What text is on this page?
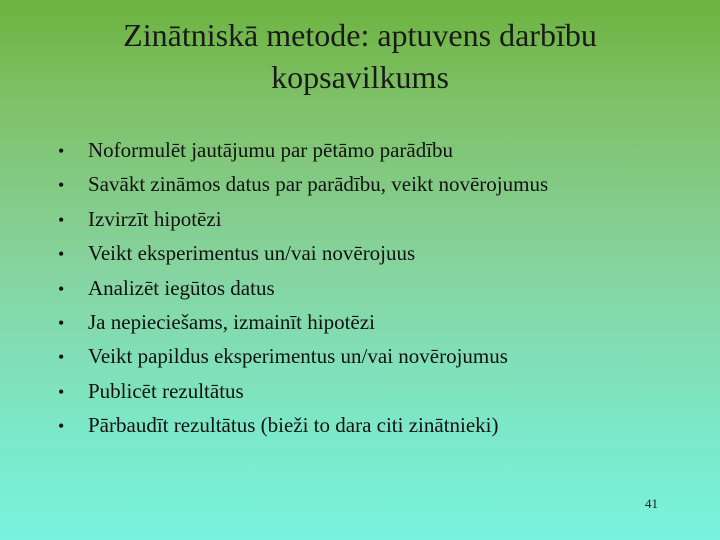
Zinātniskā metode: aptuvens darbību kopsavilkums
•	Noformulēt jautājumu par pētāmo parādību
•	Savākt zināmos datus par parādību, veikt novērojumus
•	Izvirzīt hipotēzi
•	Veikt eksperimentus un/vai novērojuus
•	Analizēt iegūtos datus
•	Ja nepieciešams, izmainīt hipotēzi
•	Veikt papildus eksperimentus un/vai novērojumus
•	Publicēt rezultātus
•	Pārbaudīt rezultātus (bieži to dara citi zinātnieki)
41
